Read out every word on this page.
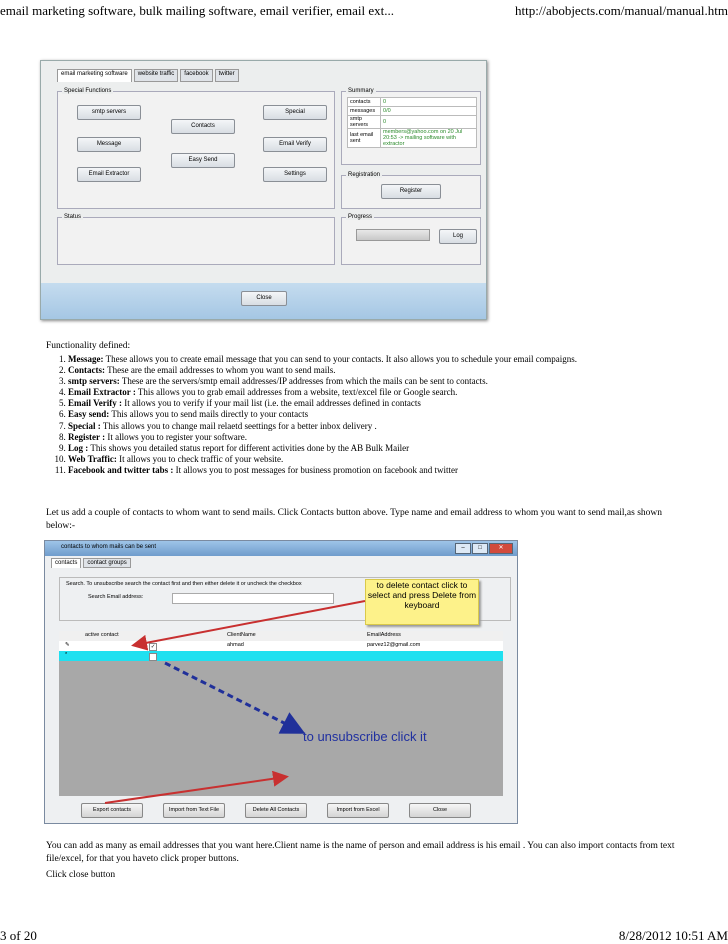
email marketing software, bulk mailing software, email verifier, email ext...	http://abobjects.com/manual/manual.htm
email marketing software	website traffic	facebook	twitter
Special Functions
smtp servers
Contacts
Special
Message	Email Verify
Easy Send
Email Extractor	Settings
Summary
contacts	0
messages	0/0
smtp servers	0
last email sent	members@yahoo.com on 20 Jul 20:53 -> mailing software with extractor
Registration
Register
Status	Progress
Log
Close
Functionality defined:
1. Message: These allows you to create email message that you can send to your contacts. It also allows you to schedule your email compaigns.
2. Contacts: These are the email addresses to whom you want to send mails.
3. smtp servers: These are the servers/smtp email addresses/IP addresses from which the mails can be sent to contacts.
4. Email Extractor : This allows you to grab email addresses from a website, text/excel file or Google search.
5. Email Verify : It allows you to verify if your mail list (i.e. the email addresses defined in contacts
6. Easy send: This allows you to send mails directly to your contacts
7. Special : This allows you to change mail relaetd seettings for a better inbox delivery .
8. Register : It allows you to register your software.
9. Log : This shows you detailed status report for different activities done by the AB Bulk Mailer
10. Web Traffic: It allows you to check traffic of your website.
11. Facebook and twitter tabs : It allows you to post messages for business promotion on facebook and twitter
Let us add a couple of contacts to whom want to send mails. Click Contacts button above. Type name and email address to whom you want to send mail,as shown below:-
contacts to whom mails can be sent	–	□	✕
contacts	contact groups
Search. To unsubscribe search the contact first and then either delete it or uncheck the checkbox
Search Email address:
to delete contact click to select and press Delete from keyboard
active contact	ClientName	EmailAddress
✎	✓	ahmad	parvez12@gmail.com
*
to unsubscribe click it
Export contacts	Import from Text File	Delete All Contacts	Import from Excel	Close
You can add as many as email addresses that you want here.Client name is the name of person and email address is his email . You can also import contacts from text file/excel, for that you haveto click proper buttons.
Click close button
3 of 20	8/28/2012 10:51 AM
